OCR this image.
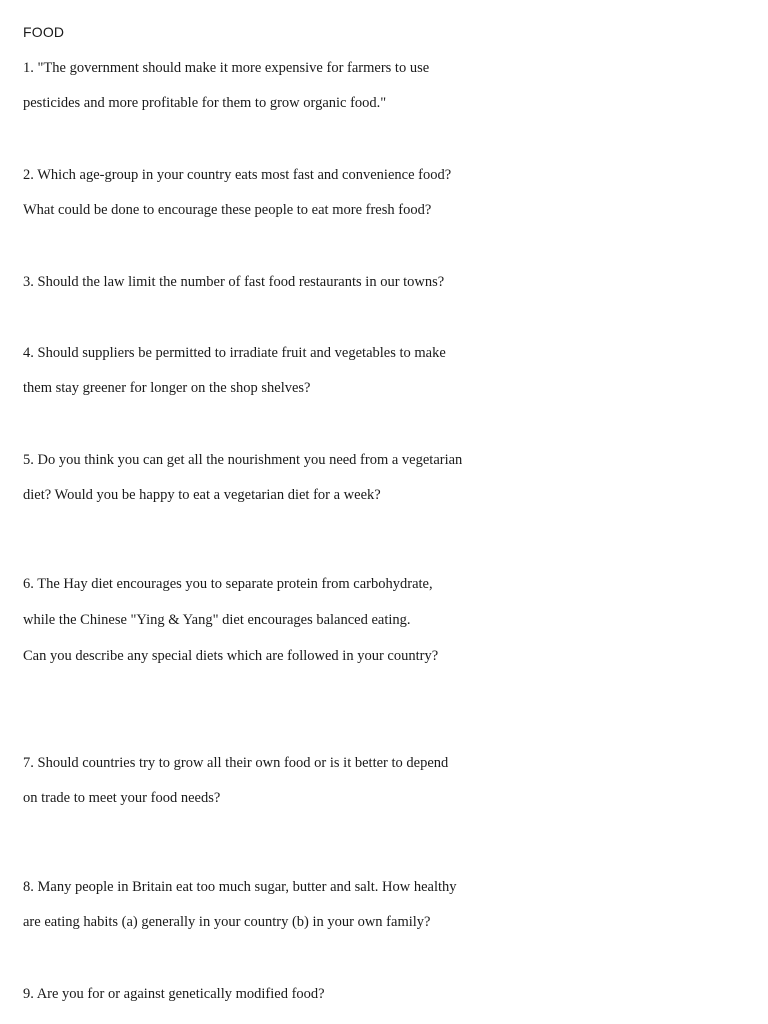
FOOD
1. "The government should make it more expensive for farmers to use
pesticides and more profitable for them to grow organic food."
2. Which age-group in your country eats most fast and convenience food?
What could be done to encourage these people to eat more fresh food?
3. Should the law limit the number of fast food restaurants in our towns?
4. Should suppliers be permitted to irradiate fruit and vegetables to make
them stay greener for longer on the shop shelves?
5. Do you think you can get all the nourishment you need from a vegetarian
diet? Would you be happy to eat a vegetarian diet for a week?
6. The Hay diet encourages you to separate protein from carbohydrate,
while the Chinese "Ying & Yang" diet encourages balanced eating.
Can you describe any special diets which are followed in your country?
7. Should countries try to grow all their own food or is it better to depend
on trade to meet your food needs?
8. Many people in Britain eat too much sugar, butter and salt. How healthy
are eating habits (a) generally in your country (b) in your own family?
9. Are you for or against genetically modified food?
